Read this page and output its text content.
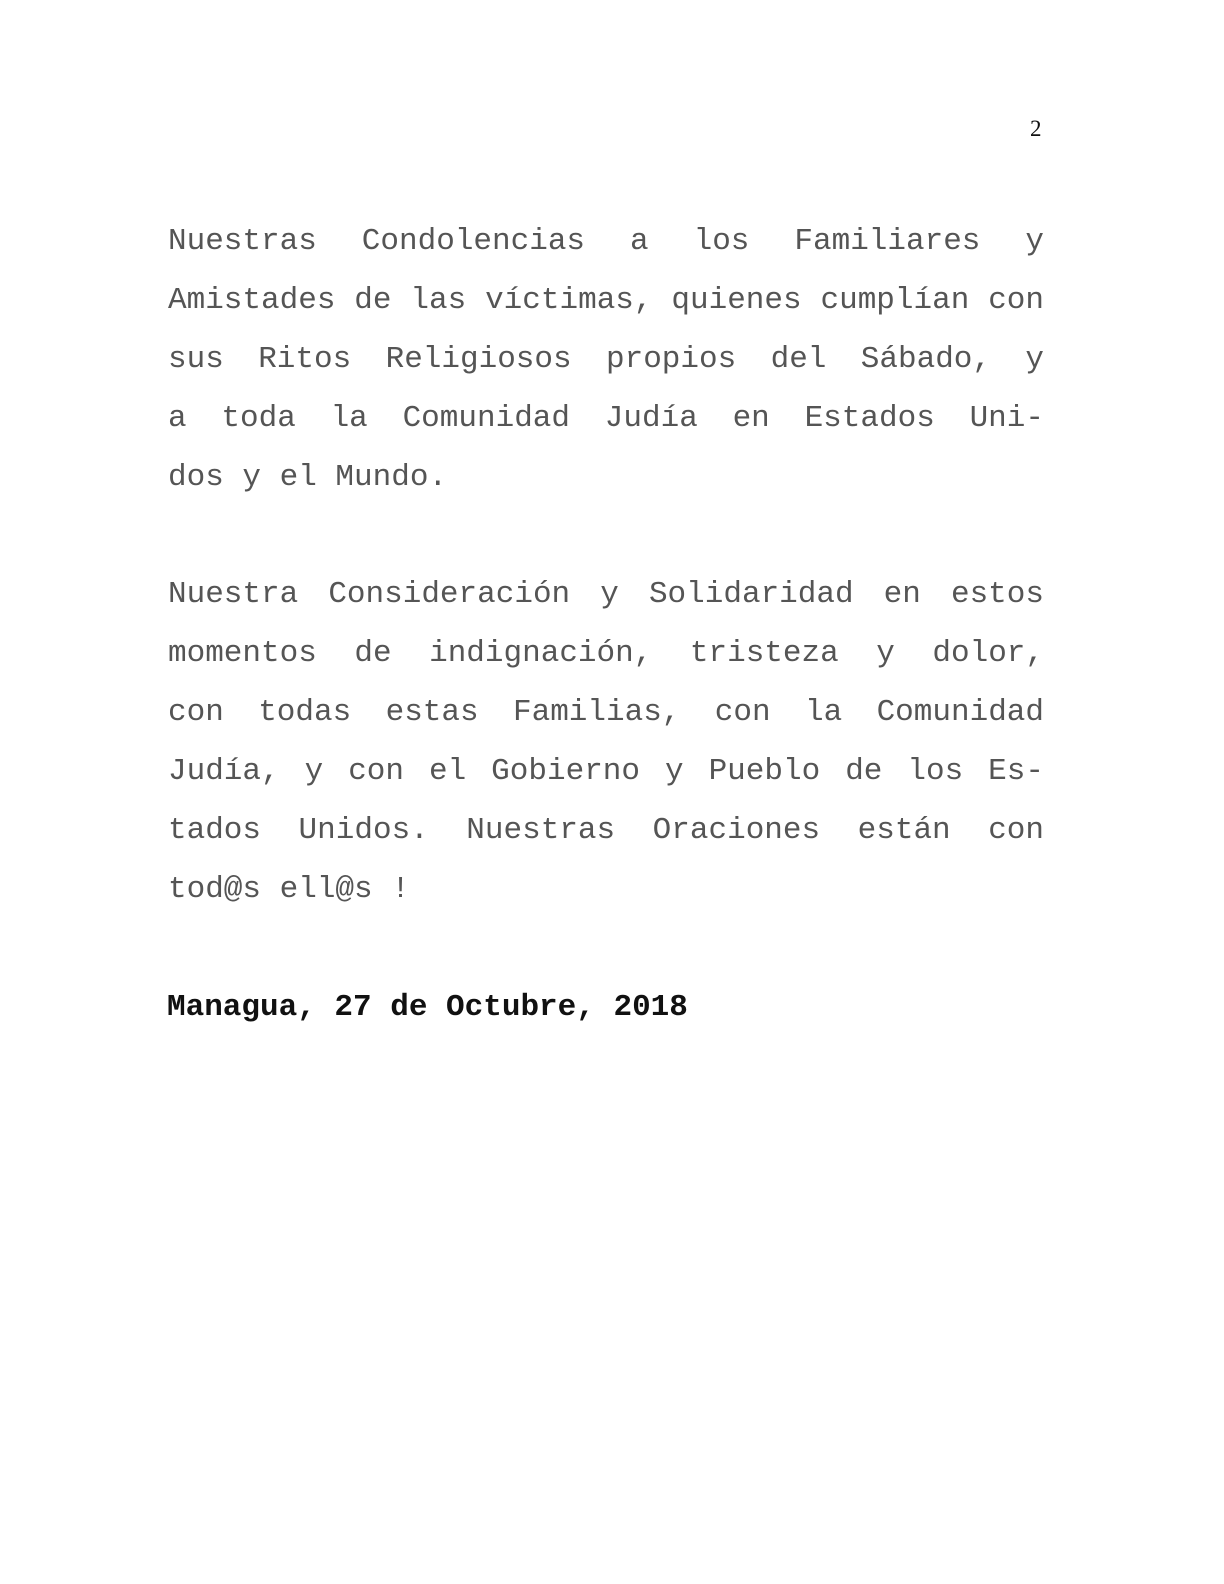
2
Nuestras Condolencias a los Familiares y
Amistades de las víctimas, quienes cumplían con
sus Ritos Religiosos propios del Sábado, y
a toda la Comunidad Judía en Estados Uni-
dos y el Mundo.
Nuestra Consideración y Solidaridad en estos
momentos de indignación, tristeza y dolor,
con todas estas Familias, con la Comunidad
Judía, y con el Gobierno y Pueblo de los Es-
tados Unidos. Nuestras Oraciones están con
tod@s ell@s !
Managua, 27 de Octubre, 2018
